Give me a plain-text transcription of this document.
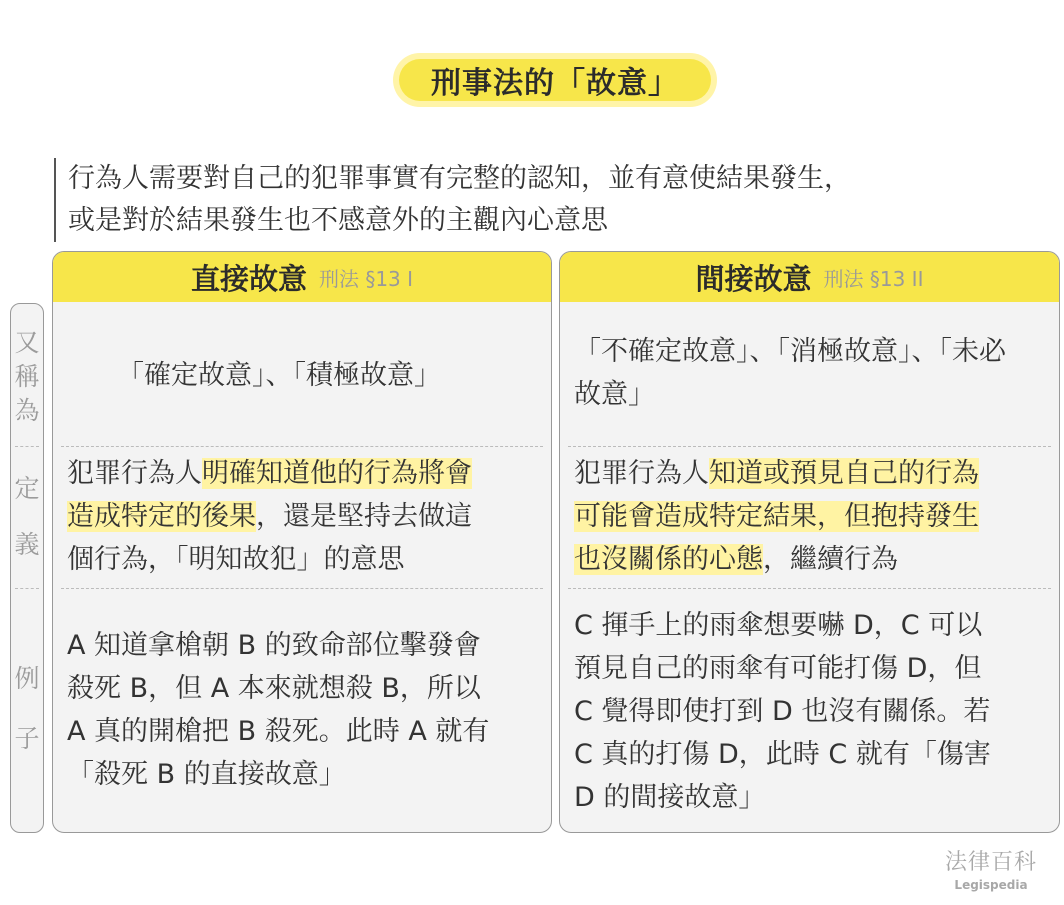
刑事法的「故意」
行為人需要對自己的犯罪事實有完整的認知，並有意使結果發生，
或是對於結果發生也不感意外的主觀內心意思
又
稱
為
定
義
例
子
直接故意 刑法 §13 I
「確定故意」、「積極故意」
犯罪行為人明確知道他的行為將會
造成特定的後果，還是堅持去做這
個行為，「明知故犯」的意思
A 知道拿槍朝 B 的致命部位擊發會
殺死 B，但 A 本來就想殺 B，所以
A 真的開槍把 B 殺死。此時 A 就有
「殺死 B 的直接故意」
間接故意 刑法 §13 II
「不確定故意」、「消極故意」、「未必
故意」
犯罪行為人知道或預見自己的行為
可能會造成特定結果，但抱持發生
也沒關係的心態，繼續行為
C 揮手上的雨傘想要嚇 D，C 可以
預見自己的雨傘有可能打傷 D，但
C 覺得即使打到 D 也沒有關係。若
C 真的打傷 D，此時 C 就有「傷害
D 的間接故意」
法律百科
Legispedia
